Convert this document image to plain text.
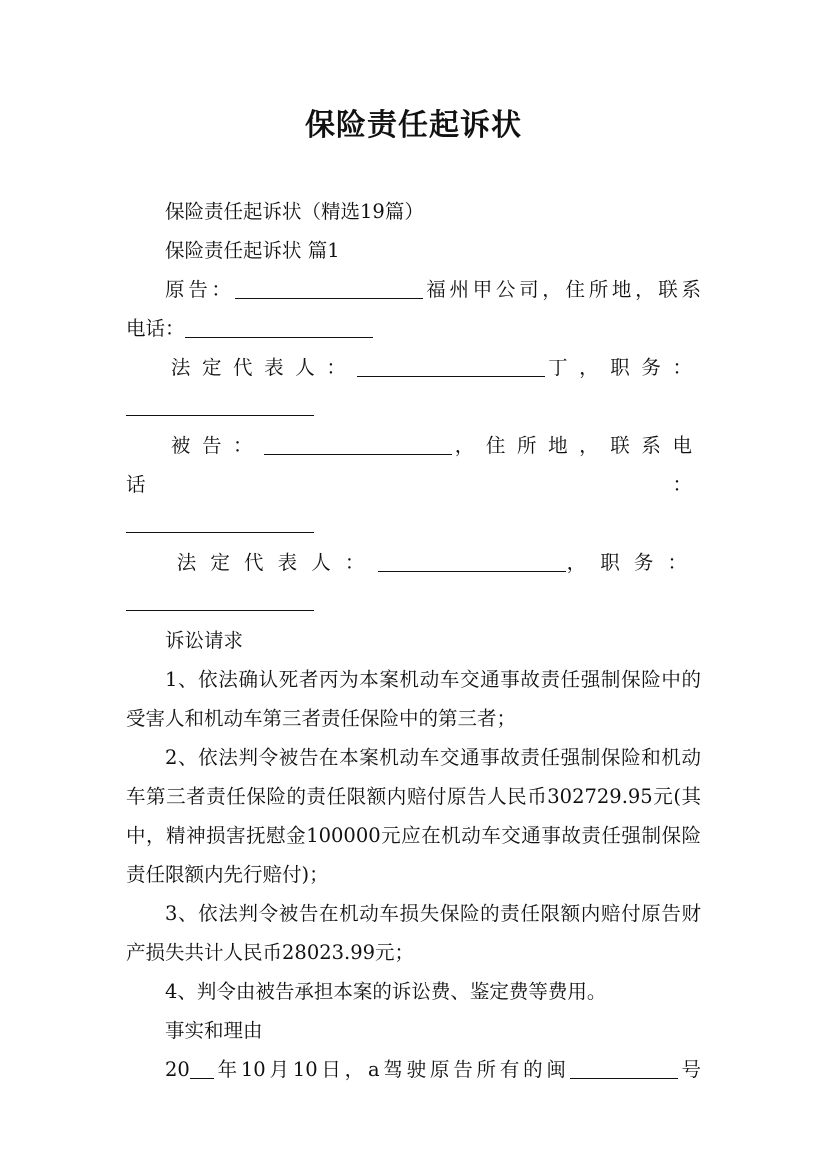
保险责任起诉状

保险责任起诉状（精选19篇）

保险责任起诉状 篇1

原告：	福州甲公司，住所地，联系

电话：

法定代表人：	丁，职务：

被告：	，住所地，联系电话：

法定代表人：	，职务：

诉讼请求

1、依法确认死者丙为本案机动车交通事故责任强制保险中的受害人和机动车第三者责任保险中的第三者；

2、依法判令被告在本案机动车交通事故责任强制保险和机动车第三者责任保险的责任限额内赔付原告人民币302729.95元(其中，精神损害抚慰金100000元应在机动车交通事故责任强制保险责任限额内先行赔付)；

3、依法判令被告在机动车损失保险的责任限额内赔付原告财产损失共计人民币28023.99元；

4、判令由被告承担本案的诉讼费、鉴定费等费用。

事实和理由

20 年10月10日，a驾驶原告所有的闽	号
